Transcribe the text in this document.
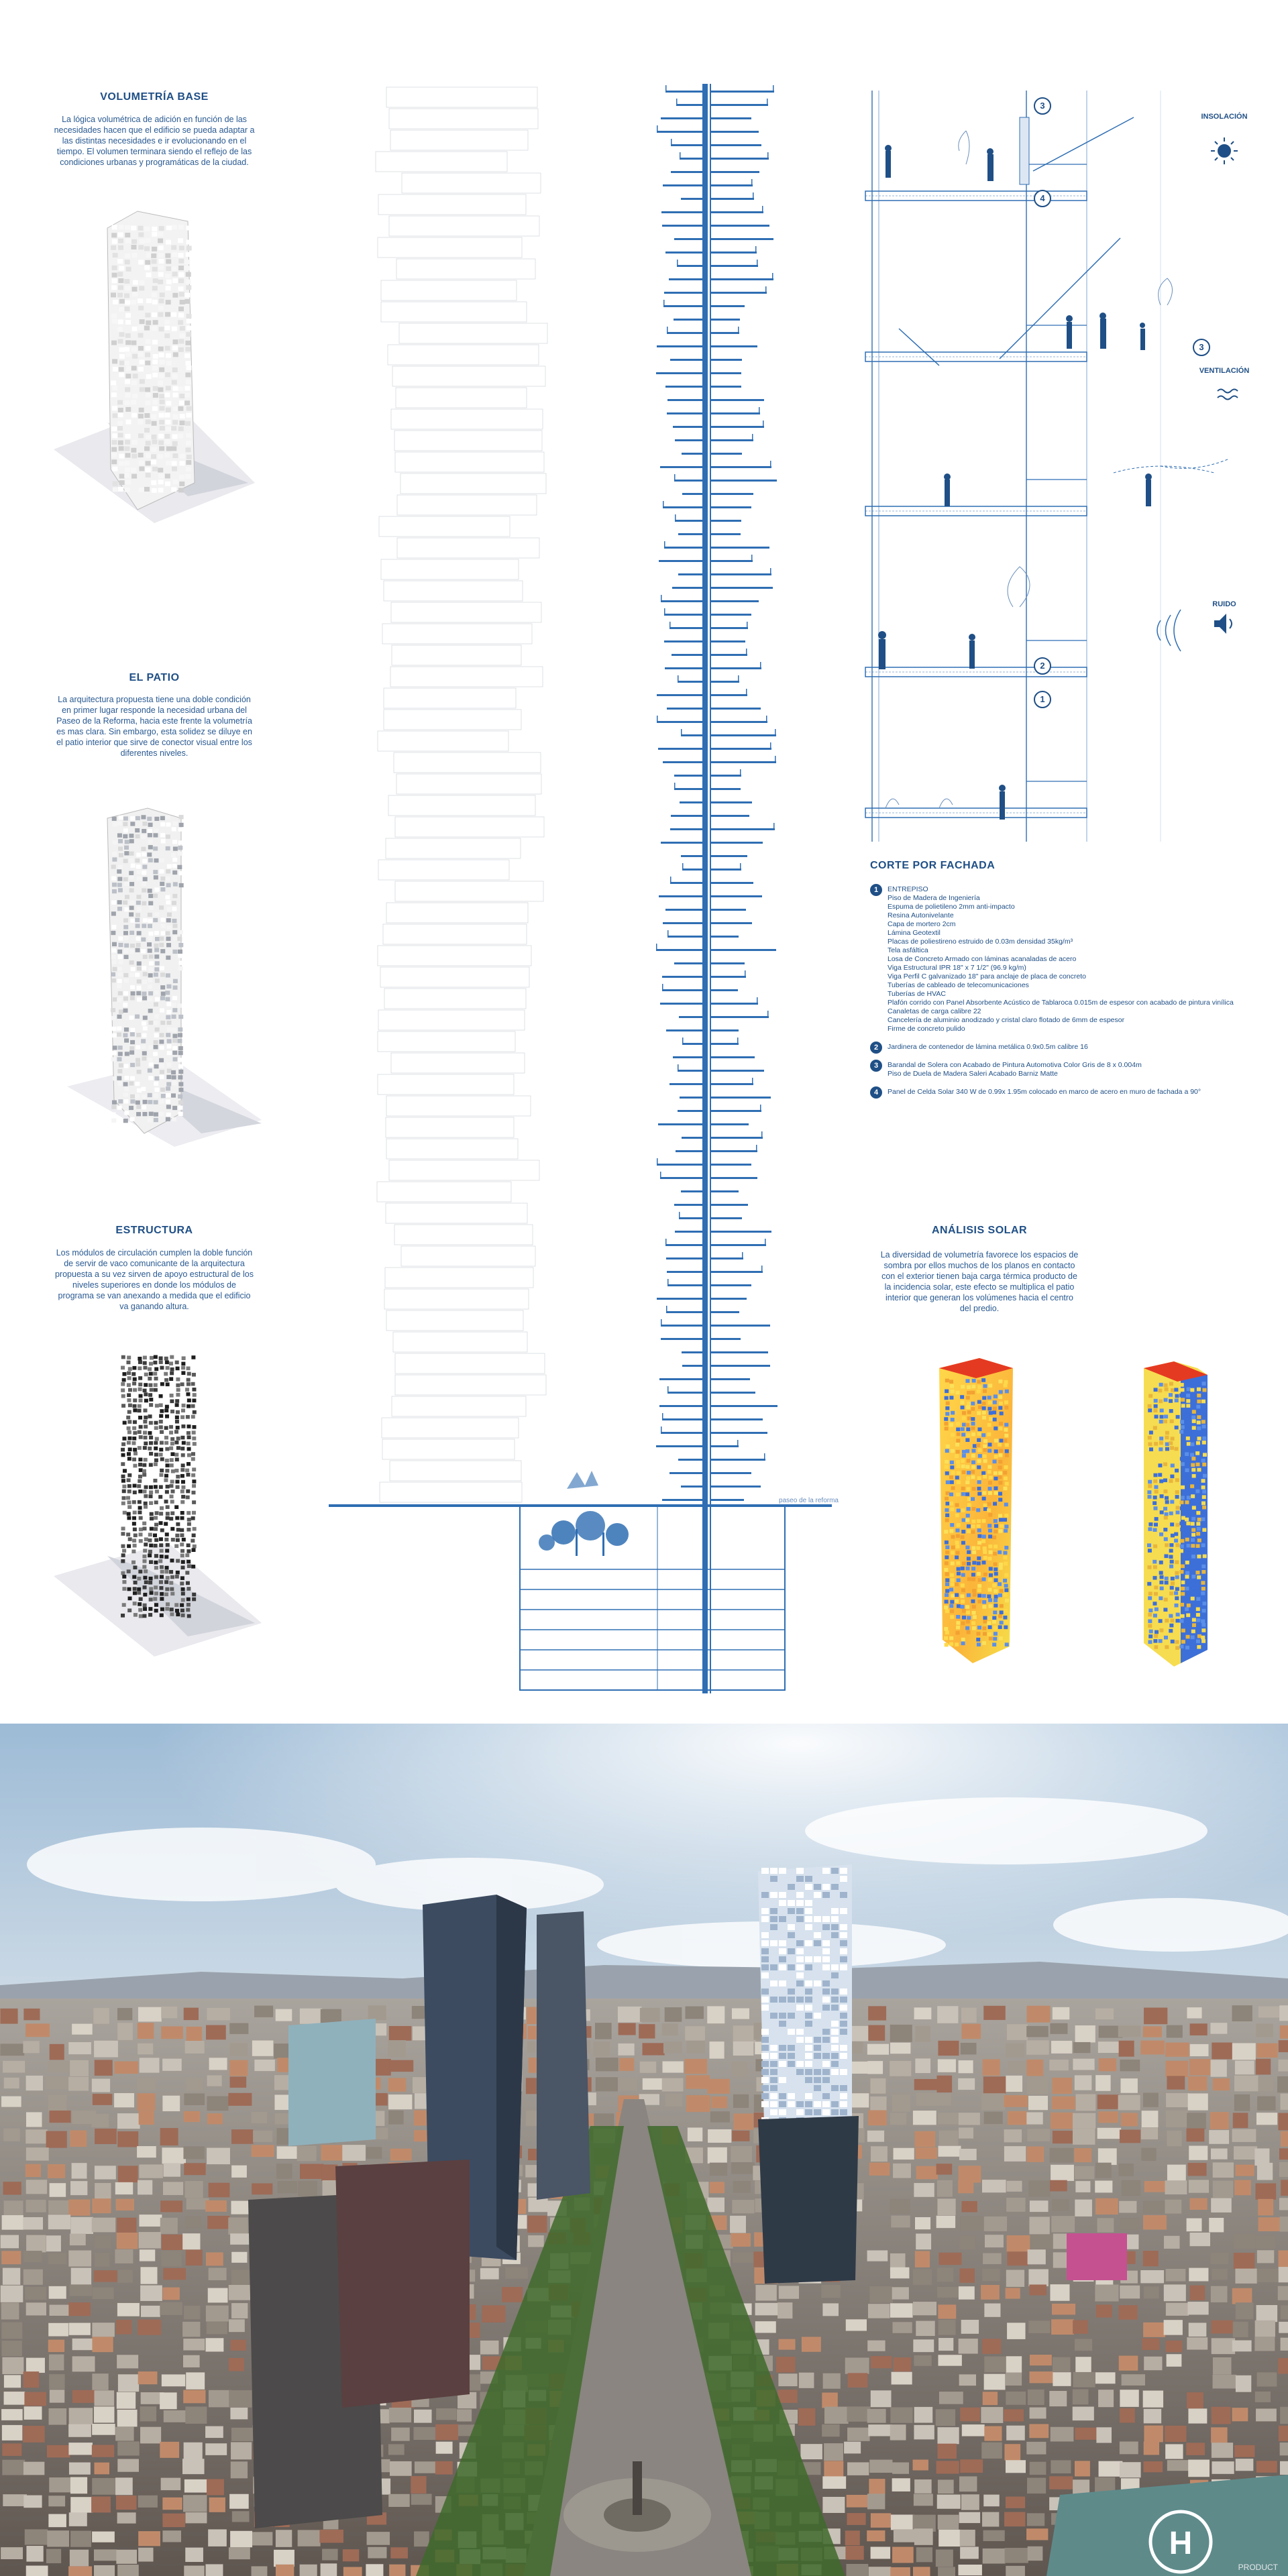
VOLUMETRÍA BASE
La lógica volumétrica de adición en función de las necesidades hacen que el edificio se pueda adaptar a las distintas necesidades e ir evolucionando en el tiempo. El volumen terminara siendo el reflejo de las condiciones urbanas y programáticas de la ciudad.
EL PATIO
La arquitectura propuesta tiene una doble condición en primer lugar responde la necesidad urbana del Paseo de la Reforma, hacia este frente la volumetría es mas clara. Sin embargo, esta solidez se diluye en el patio interior que sirve de conector visual entre los diferentes niveles.
ESTRUCTURA
Los módulos de circulación cumplen la doble función de servir de vaco comunicante de la arquitectura propuesta a su vez sirven de apoyo estructural de los niveles superiores en donde los módulos de programa se van anexando a medida que el edificio va ganando altura.
paseo de la reforma
INSOLACIÓN
VENTILACIÓN
RUIDO
3
4
3
2
1
CORTE POR FACHADA
1	ENTREPISO
Piso de Madera de Ingeniería
Espuma de polietileno 2mm anti-impacto
Resina Autonivelante
Capa de mortero 2cm
Lámina Geotextil
Placas de poliestireno estruido de 0.03m densidad 35kg/m³
Tela asfáltica
Losa de Concreto Armado con láminas acanaladas de acero
Viga Estructural IPR 18" x 7 1/2" (96.9 kg/m)
Viga Perfil C galvanizado 18" para anclaje de placa de concreto
Tuberías de cableado de telecomunicaciones
Tuberías de HVAC
Plafón corrido con Panel Absorbente Acústico de Tablaroca 0.015m de espesor con acabado de pintura vinílica
Canaletas de carga calibre 22
Cancelería de aluminio anodizado y cristal claro flotado de 6mm de espesor
Firme de concreto pulido
2	Jardinera de contenedor de lámina metálica 0.9x0.5m calibre 16
3	Barandal de Solera con Acabado de Pintura Automotiva Color Gris de 8 x 0.004m
Piso de Duela de Madera Saleri Acabado Barniz Matte
4	Panel de Celda Solar 340 W de 0.99x 1.95m colocado en marco de acero en muro de fachada a 90°
ANÁLISIS SOLAR
La diversidad de volumetría favorece los espacios de sombra por ellos muchos de los planos en contacto con el exterior tienen baja carga térmica producto de la incidencia solar, este efecto se multiplica el patio interior que generan los volúmenes hacia el centro del predio.
H
PRODUCT
